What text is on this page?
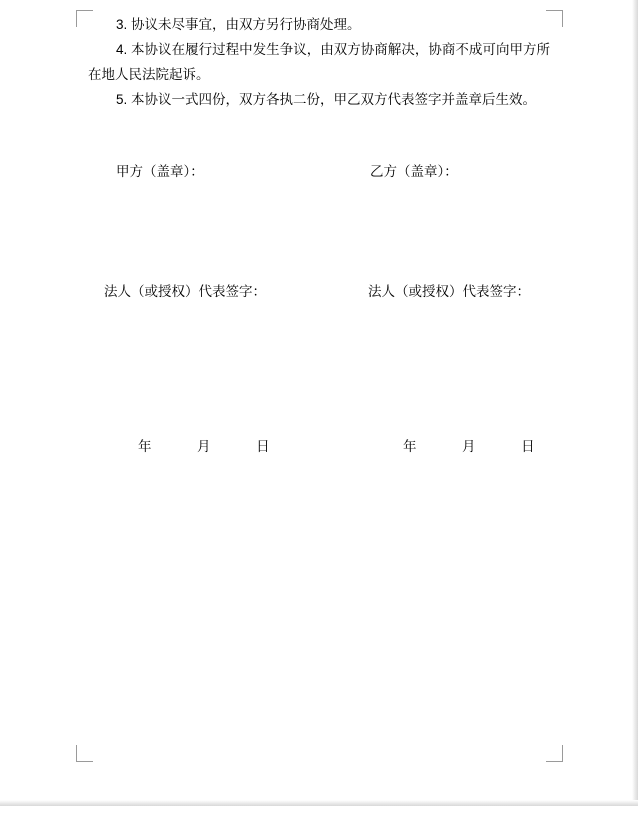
3. 协议未尽事宜，由双方另行协商处理。

4. 本协议在履行过程中发生争议，由双方协商解决，协商不成可向甲方所在地人民法院起诉。

5. 本协议一式四份，双方各执二份，甲乙双方代表签字并盖章后生效。

甲方（盖章）：	乙方（盖章）：
法人（或授权）代表签字：	法人（或授权）代表签字：
年	月	日	年	月	日
